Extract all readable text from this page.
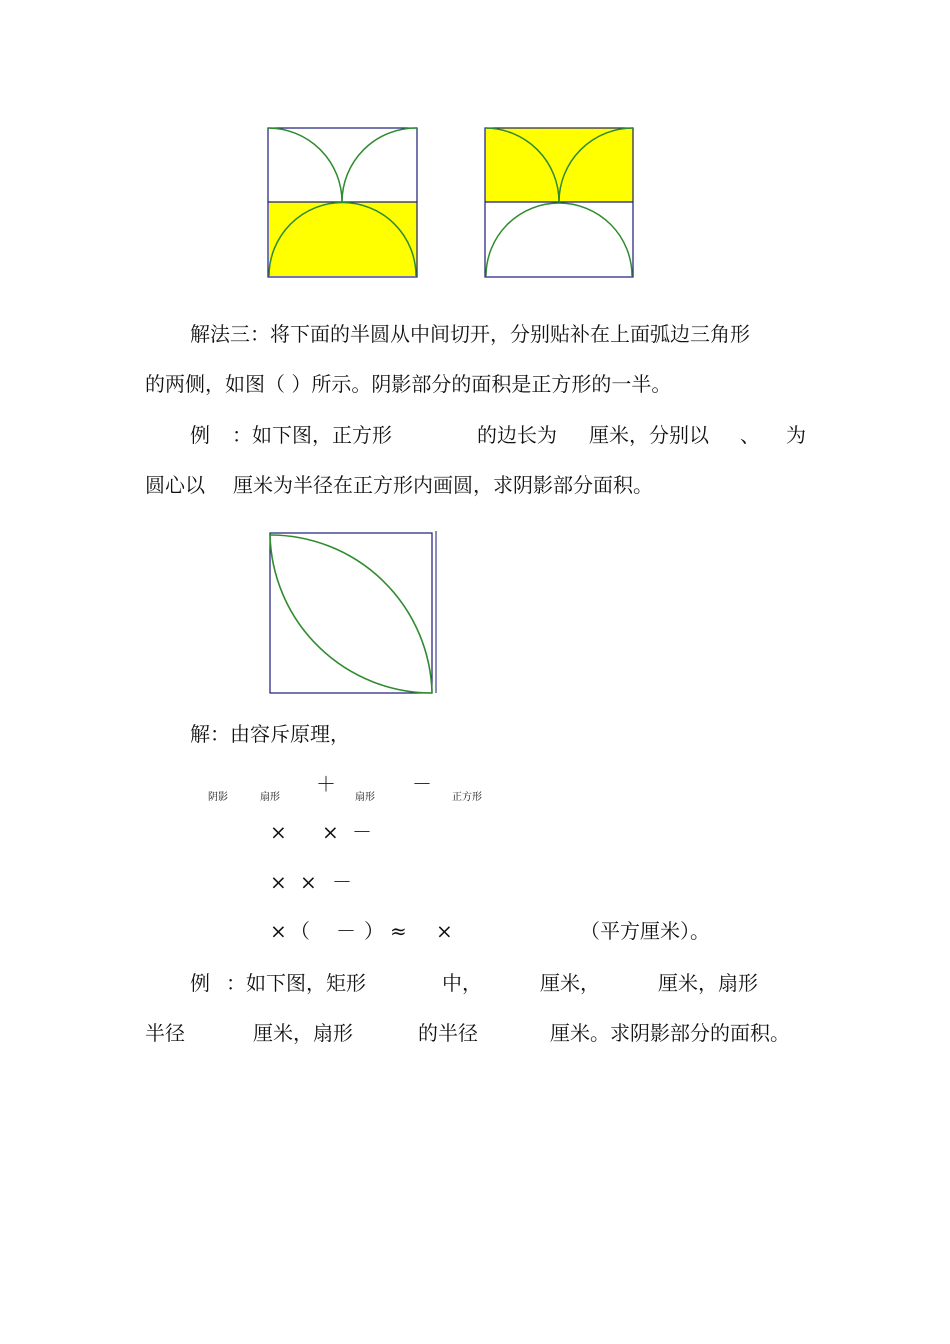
解法三：将下面的半圆从中间切开，分别贴补在上面弧边三角形
的两侧，如图（ ）所示。阴影部分的面积是正方形的一半。
例 ：如下图，正方形	的边长为 厘米，分别以 、 为
圆心以 厘米为半径在正方形内画圆，求阴影部分面积。
解：由容斥原理，
＋	－
阴影	扇形	扇形	正方形
× × －
× × －
× （ － ） ≈ ×	（平方厘米）。
例 ：如下图，矩形	中，	厘米，	厘米，扇形
半径	厘米，扇形	的半径	厘米。求阴影部分的面积。
